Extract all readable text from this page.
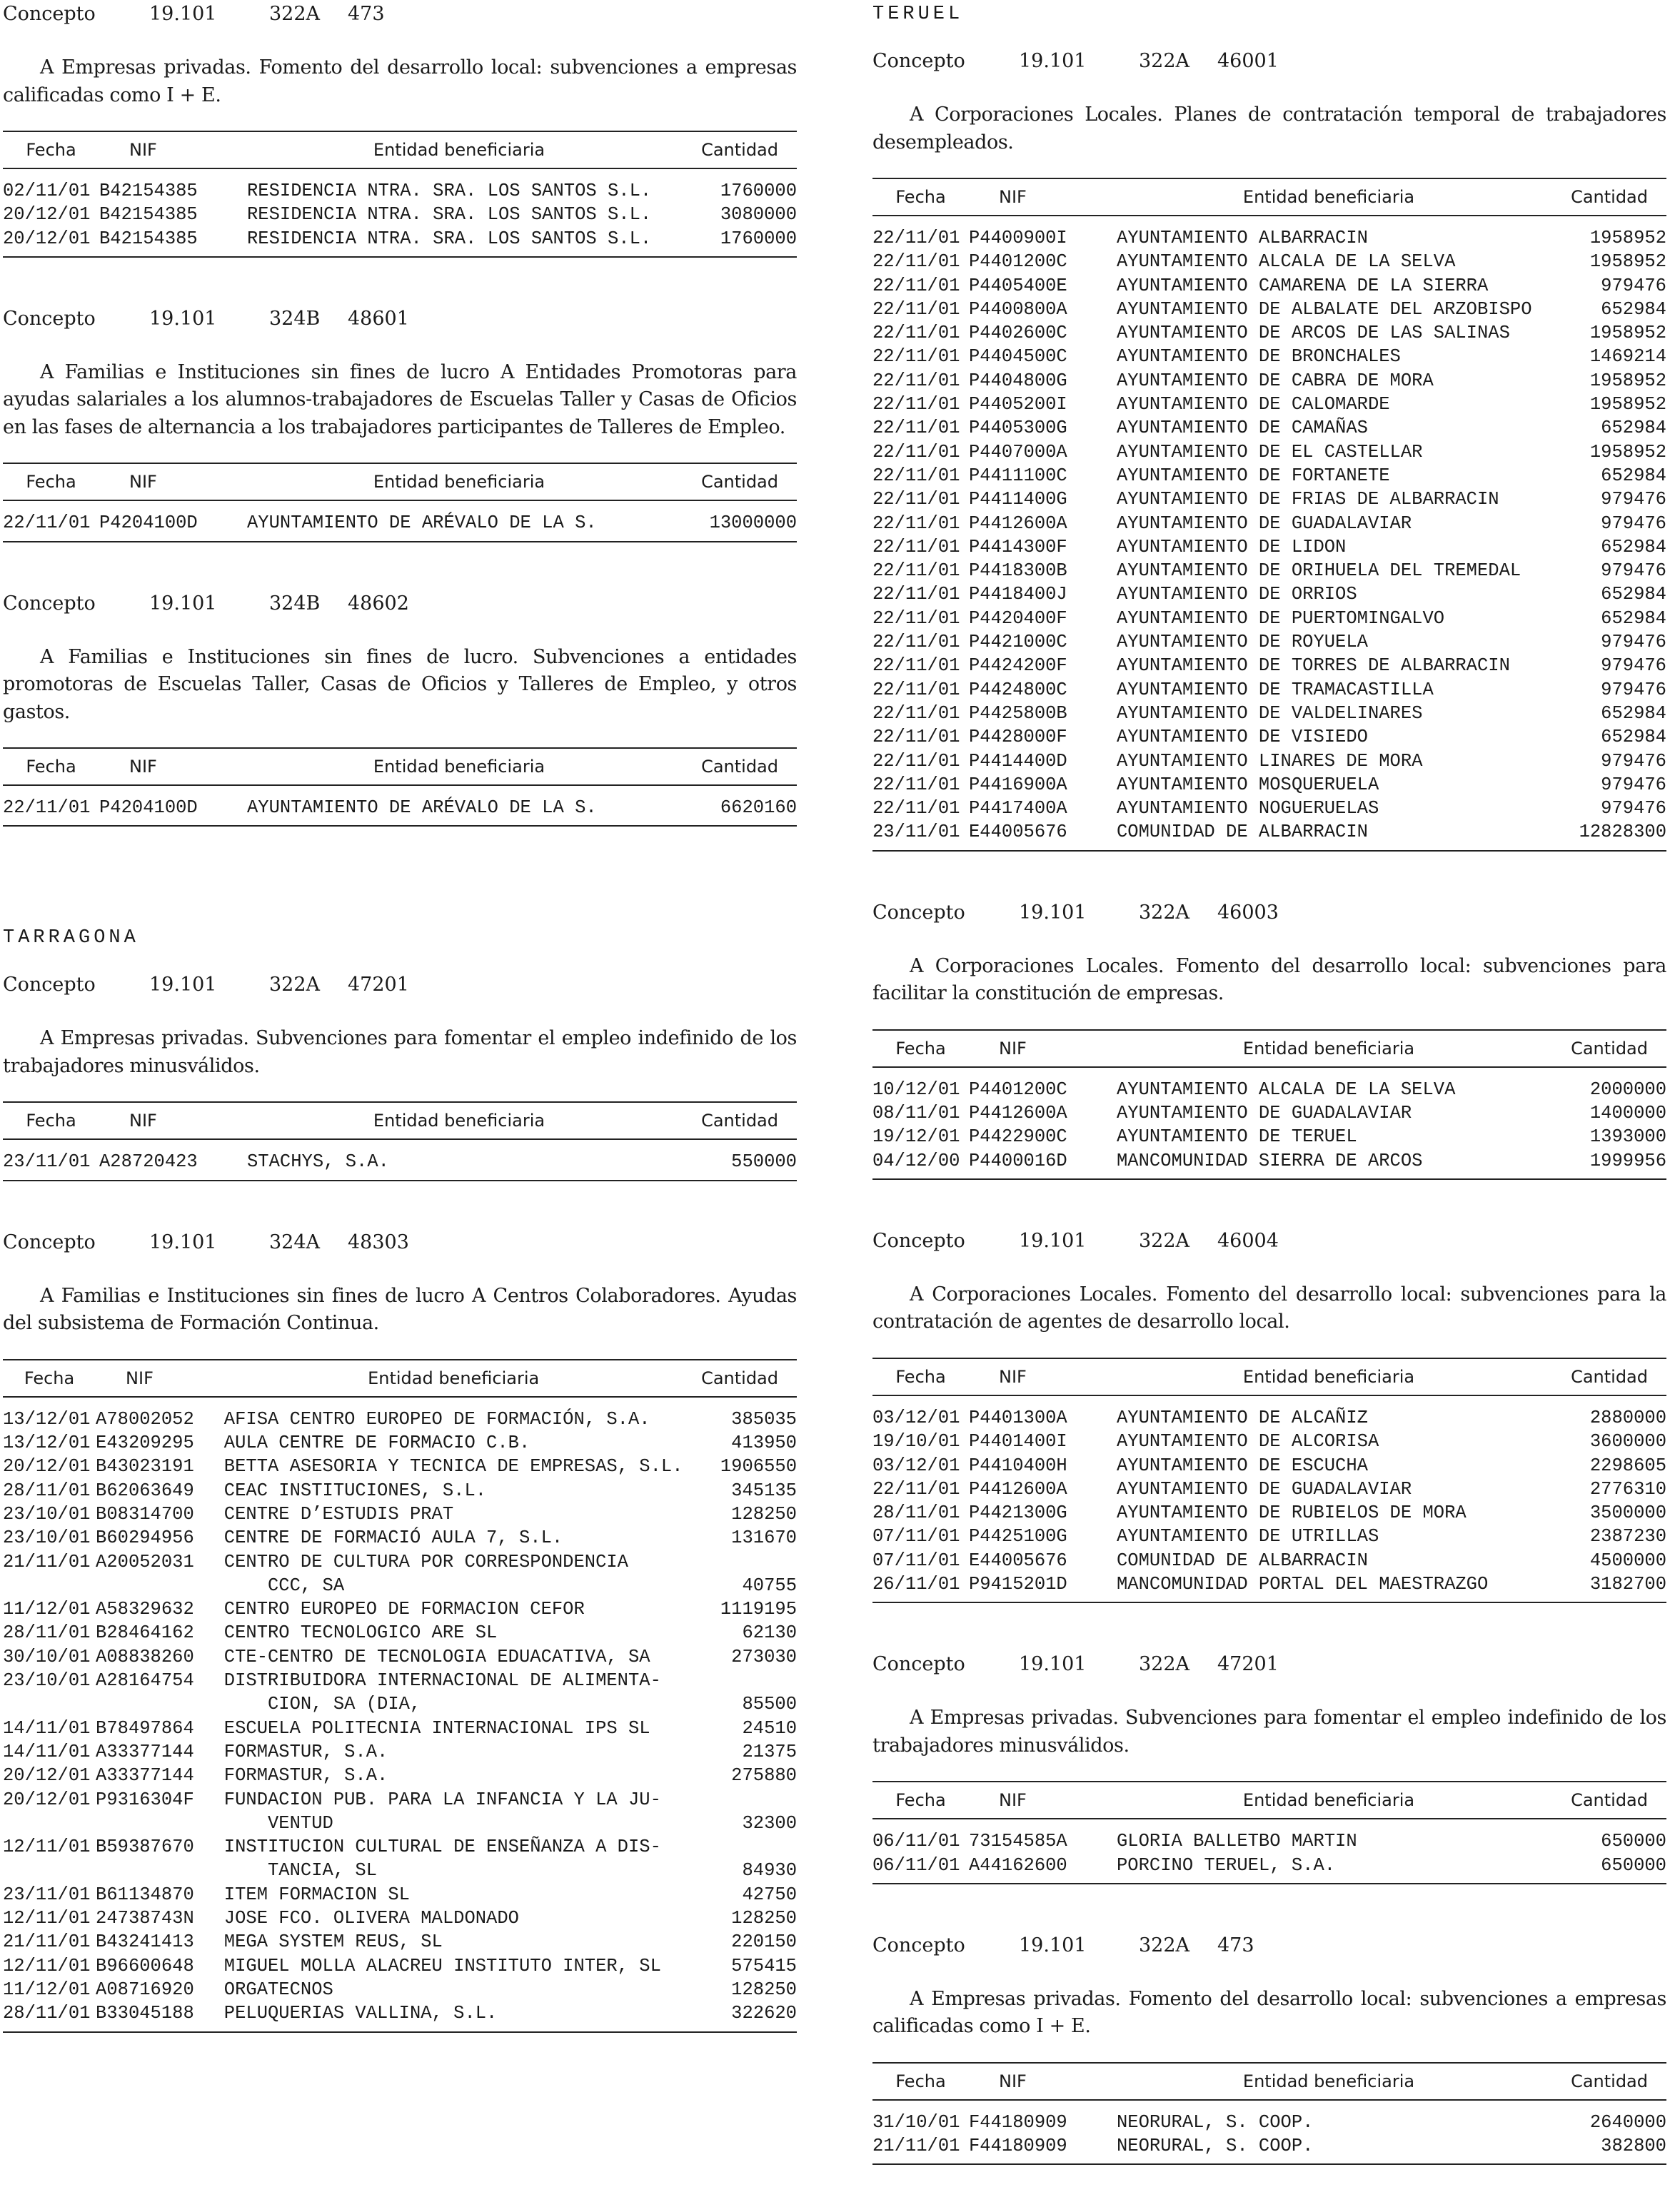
Concepto	19.101	322A	473

A Empresas privadas. Fomento del desarrollo local: subvenciones a empresas calificadas como I + E.

Fecha	NIF	Entidad beneficiaria	Cantidad
02/11/01	B42154385	RESIDENCIA NTRA. SRA. LOS SANTOS S.L.	1760000
20/12/01	B42154385	RESIDENCIA NTRA. SRA. LOS SANTOS S.L.	3080000
20/12/01	B42154385	RESIDENCIA NTRA. SRA. LOS SANTOS S.L.	1760000
Concepto	19.101	324B	48601

A Familias e Instituciones sin fines de lucro A Entidades Promotoras para ayudas salariales a los alumnos-trabajadores de Escuelas Taller y Casas de Oficios en las fases de alternancia a los trabajadores participantes de Talleres de Empleo.

Fecha	NIF	Entidad beneficiaria	Cantidad
22/11/01	P4204100D	AYUNTAMIENTO DE ARÉVALO DE LA S.	13000000
Concepto	19.101	324B	48602

A Familias e Instituciones sin fines de lucro. Subvenciones a entidades promotoras de Escuelas Taller, Casas de Oficios y Talleres de Empleo, y otros gastos.

Fecha	NIF	Entidad beneficiaria	Cantidad
22/11/01	P4204100D	AYUNTAMIENTO DE ARÉVALO DE LA S.	6620160
TARRAGONA
Concepto	19.101	322A	47201

A Empresas privadas. Subvenciones para fomentar el empleo indefinido de los trabajadores minusválidos.

Fecha	NIF	Entidad beneficiaria	Cantidad
23/11/01	A28720423	STACHYS, S.A.	550000
Concepto	19.101	324A	48303

A Familias e Instituciones sin fines de lucro A Centros Colaboradores. Ayudas del subsistema de Formación Continua.

Fecha	NIF	Entidad beneficiaria	Cantidad
13/12/01	A78002052	AFISA CENTRO EUROPEO DE FORMACIÓN, S.A.	385035
13/12/01	E43209295	AULA CENTRE DE FORMACIO C.B.	413950
20/12/01	B43023191	BETTA ASESORIA Y TECNICA DE EMPRESAS, S.L.	1906550
28/11/01	B62063649	CEAC INSTITUCIONES, S.L.	345135
23/10/01	B08314700	CENTRE D’ESTUDIS PRAT	128250
23/10/01	B60294956	CENTRE DE FORMACIÓ AULA 7, S.L.	131670
21/11/01	A20052031	CENTRO DE CULTURA POR CORRESPONDENCIA
CCC, SA	40755
11/12/01	A58329632	CENTRO EUROPEO DE FORMACION CEFOR	1119195
28/11/01	B28464162	CENTRO TECNOLOGICO ARE SL	62130
30/10/01	A08838260	CTE-CENTRO DE TECNOLOGIA EDUACATIVA, SA	273030
23/10/01	A28164754	DISTRIBUIDORA INTERNACIONAL DE ALIMENTA-
CION, SA (DIA,	85500
14/11/01	B78497864	ESCUELA POLITECNIA INTERNACIONAL IPS SL	24510
14/11/01	A33377144	FORMASTUR, S.A.	21375
20/12/01	A33377144	FORMASTUR, S.A.	275880
20/12/01	P9316304F	FUNDACION PUB. PARA LA INFANCIA Y LA JU-
VENTUD	32300
12/11/01	B59387670	INSTITUCION CULTURAL DE ENSEÑANZA A DIS-
TANCIA, SL	84930
23/11/01	B61134870	ITEM FORMACION SL	42750
12/11/01	24738743N	JOSE FCO. OLIVERA MALDONADO	128250
21/11/01	B43241413	MEGA SYSTEM REUS, SL	220150
12/11/01	B96600648	MIGUEL MOLLA ALACREU INSTITUTO INTER, SL	575415
11/12/01	A08716920	ORGATECNOS	128250
28/11/01	B33045188	PELUQUERIAS VALLINA, S.L.	322620
TERUEL
Concepto	19.101	322A	46001

A Corporaciones Locales. Planes de contratación temporal de trabajadores desempleados.

Fecha	NIF	Entidad beneficiaria	Cantidad
22/11/01	P4400900I	AYUNTAMIENTO ALBARRACIN	1958952
22/11/01	P4401200C	AYUNTAMIENTO ALCALA DE LA SELVA	1958952
22/11/01	P4405400E	AYUNTAMIENTO CAMARENA DE LA SIERRA	979476
22/11/01	P4400800A	AYUNTAMIENTO DE ALBALATE DEL ARZOBISPO	652984
22/11/01	P4402600C	AYUNTAMIENTO DE ARCOS DE LAS SALINAS	1958952
22/11/01	P4404500C	AYUNTAMIENTO DE BRONCHALES	1469214
22/11/01	P4404800G	AYUNTAMIENTO DE CABRA DE MORA	1958952
22/11/01	P4405200I	AYUNTAMIENTO DE CALOMARDE	1958952
22/11/01	P4405300G	AYUNTAMIENTO DE CAMAÑAS	652984
22/11/01	P4407000A	AYUNTAMIENTO DE EL CASTELLAR	1958952
22/11/01	P4411100C	AYUNTAMIENTO DE FORTANETE	652984
22/11/01	P4411400G	AYUNTAMIENTO DE FRIAS DE ALBARRACIN	979476
22/11/01	P4412600A	AYUNTAMIENTO DE GUADALAVIAR	979476
22/11/01	P4414300F	AYUNTAMIENTO DE LIDON	652984
22/11/01	P4418300B	AYUNTAMIENTO DE ORIHUELA DEL TREMEDAL	979476
22/11/01	P4418400J	AYUNTAMIENTO DE ORRIOS	652984
22/11/01	P4420400F	AYUNTAMIENTO DE PUERTOMINGALVO	652984
22/11/01	P4421000C	AYUNTAMIENTO DE ROYUELA	979476
22/11/01	P4424200F	AYUNTAMIENTO DE TORRES DE ALBARRACIN	979476
22/11/01	P4424800C	AYUNTAMIENTO DE TRAMACASTILLA	979476
22/11/01	P4425800B	AYUNTAMIENTO DE VALDELINARES	652984
22/11/01	P4428000F	AYUNTAMIENTO DE VISIEDO	652984
22/11/01	P4414400D	AYUNTAMIENTO LINARES DE MORA	979476
22/11/01	P4416900A	AYUNTAMIENTO MOSQUERUELA	979476
22/11/01	P4417400A	AYUNTAMIENTO NOGUERUELAS	979476
23/11/01	E44005676	COMUNIDAD DE ALBARRACIN	12828300
Concepto	19.101	322A	46003

A Corporaciones Locales. Fomento del desarrollo local: subvenciones para facilitar la constitución de empresas.

Fecha	NIF	Entidad beneficiaria	Cantidad
10/12/01	P4401200C	AYUNTAMIENTO ALCALA DE LA SELVA	2000000
08/11/01	P4412600A	AYUNTAMIENTO DE GUADALAVIAR	1400000
19/12/01	P4422900C	AYUNTAMIENTO DE TERUEL	1393000
04/12/00	P4400016D	MANCOMUNIDAD SIERRA DE ARCOS	1999956
Concepto	19.101	322A	46004

A Corporaciones Locales. Fomento del desarrollo local: subvenciones para la contratación de agentes de desarrollo local.

Fecha	NIF	Entidad beneficiaria	Cantidad
03/12/01	P4401300A	AYUNTAMIENTO DE ALCAÑIZ	2880000
19/10/01	P4401400I	AYUNTAMIENTO DE ALCORISA	3600000
03/12/01	P4410400H	AYUNTAMIENTO DE ESCUCHA	2298605
22/11/01	P4412600A	AYUNTAMIENTO DE GUADALAVIAR	2776310
28/11/01	P4421300G	AYUNTAMIENTO DE RUBIELOS DE MORA	3500000
07/11/01	P4425100G	AYUNTAMIENTO DE UTRILLAS	2387230
07/11/01	E44005676	COMUNIDAD DE ALBARRACIN	4500000
26/11/01	P9415201D	MANCOMUNIDAD PORTAL DEL MAESTRAZGO	3182700
Concepto	19.101	322A	47201

A Empresas privadas. Subvenciones para fomentar el empleo indefinido de los trabajadores minusválidos.

Fecha	NIF	Entidad beneficiaria	Cantidad
06/11/01	73154585A	GLORIA BALLETBO MARTIN	650000
06/11/01	A44162600	PORCINO TERUEL, S.A.	650000
Concepto	19.101	322A	473

A Empresas privadas. Fomento del desarrollo local: subvenciones a empresas calificadas como I + E.

Fecha	NIF	Entidad beneficiaria	Cantidad
31/10/01	F44180909	NEORURAL, S. COOP.	2640000
21/11/01	F44180909	NEORURAL, S. COOP.	382800
